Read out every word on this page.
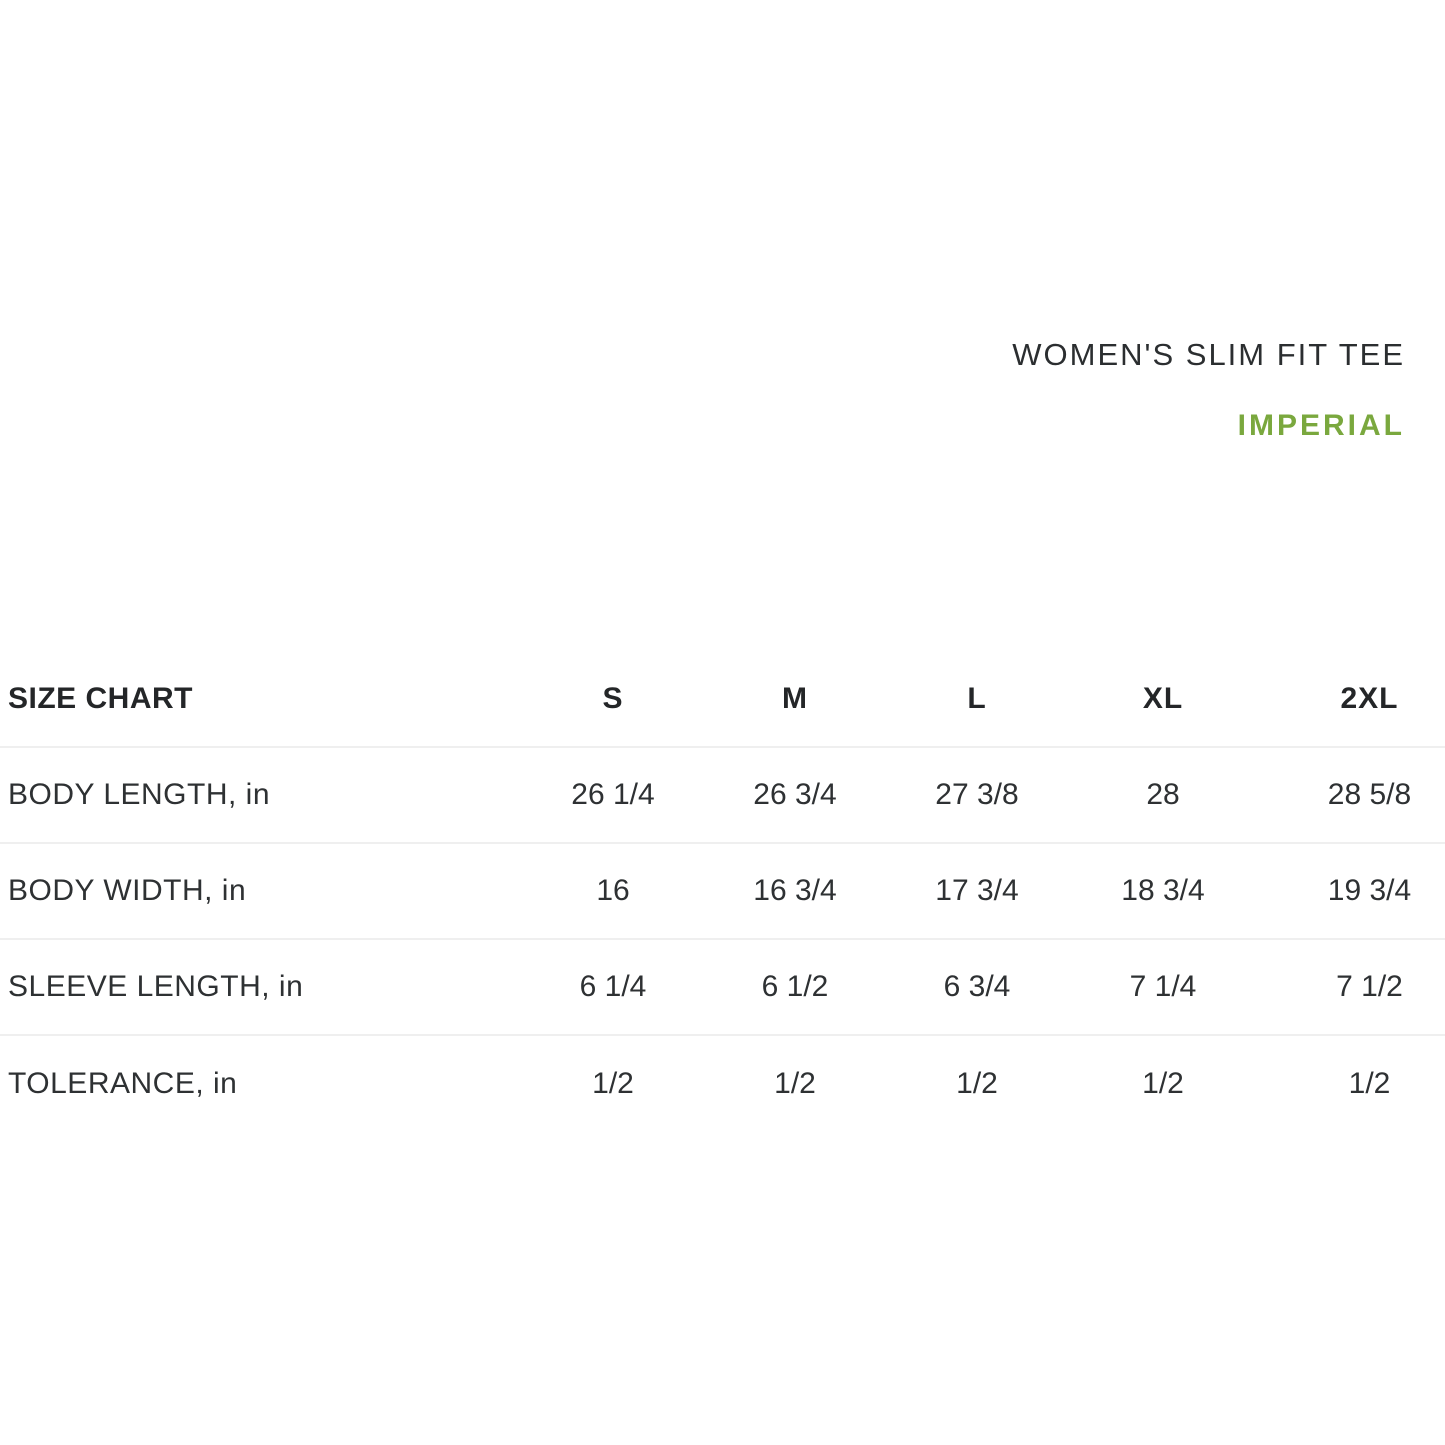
WOMEN'S SLIM FIT TEE
IMPERIAL
SIZE CHART	S	M	L	XL	2XL
BODY LENGTH, in	26 1/4	26 3/4	27 3/8	28	28 5/8
BODY WIDTH, in	16	16 3/4	17 3/4	18 3/4	19 3/4
SLEEVE LENGTH, in	6 1/4	6 1/2	6 3/4	7 1/4	7 1/2
TOLERANCE, in	1/2	1/2	1/2	1/2	1/2
